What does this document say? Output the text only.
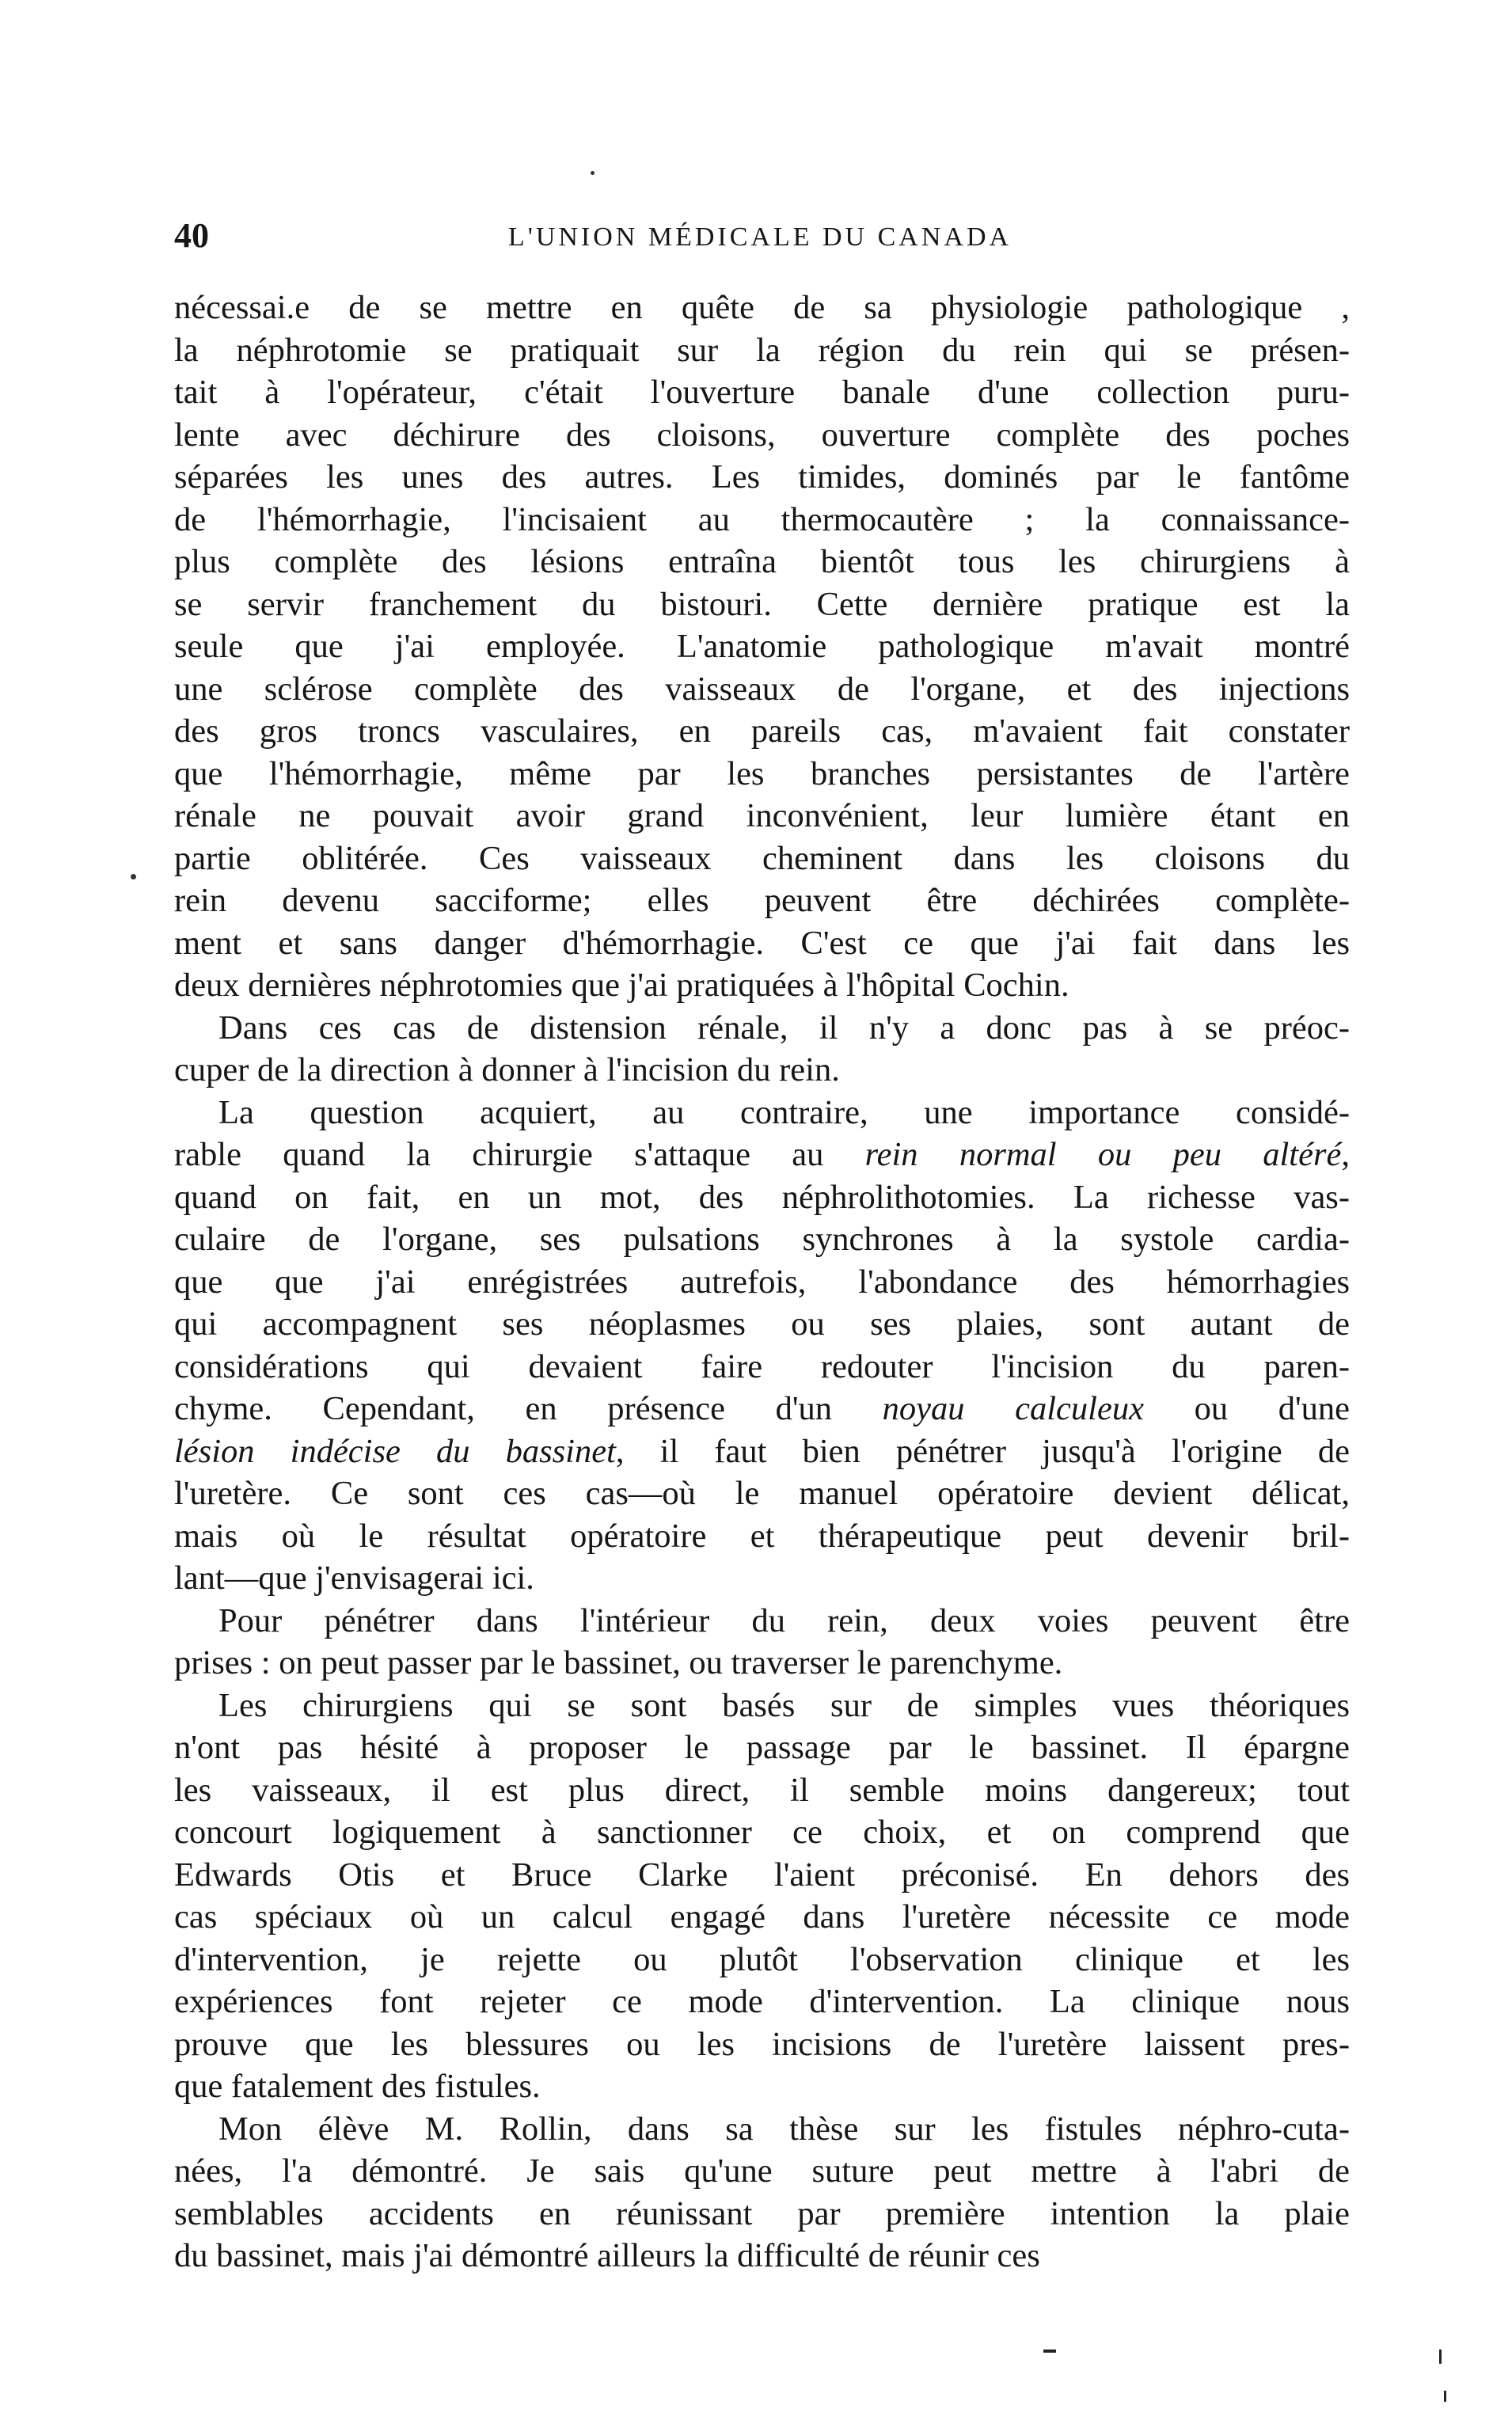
40	L'UNION MÉDICALE DU CANADA
nécessai.e de se mettre en quête de sa physiologie pathologique ,
la néphrotomie se pratiquait sur la région du rein qui se présen-
tait à l'opérateur, c'était l'ouverture banale d'une collection puru-
lente avec déchirure des cloisons, ouverture complète des poches
séparées les unes des autres. Les timides, dominés par le fantôme
de l'hémorrhagie, l'incisaient au thermocautère ; la connaissance-
plus complète des lésions entraîna bientôt tous les chirurgiens à
se servir franchement du bistouri. Cette dernière pratique est la
seule que j'ai employée. L'anatomie pathologique m'avait montré
une sclérose complète des vaisseaux de l'organe, et des injections
des gros troncs vasculaires, en pareils cas, m'avaient fait constater
que l'hémorrhagie, même par les branches persistantes de l'artère
rénale ne pouvait avoir grand inconvénient, leur lumière étant en
partie oblitérée. Ces vaisseaux cheminent dans les cloisons du
rein devenu sacciforme; elles peuvent être déchirées complète-
ment et sans danger d'hémorrhagie. C'est ce que j'ai fait dans les
deux dernières néphrotomies que j'ai pratiquées à l'hôpital Cochin.
Dans ces cas de distension rénale, il n'y a donc pas à se préoc-
cuper de la direction à donner à l'incision du rein.
La question acquiert, au contraire, une importance considé-
rable quand la chirurgie s'attaque au rein normal ou peu altéré,
quand on fait, en un mot, des néphrolithotomies. La richesse vas-
culaire de l'organe, ses pulsations synchrones à la systole cardia-
que que j'ai enrégistrées autrefois, l'abondance des hémorrhagies
qui accompagnent ses néoplasmes ou ses plaies, sont autant de
considérations qui devaient faire redouter l'incision du paren-
chyme. Cependant, en présence d'un noyau calculeux ou d'une
lésion indécise du bassinet, il faut bien pénétrer jusqu'à l'origine de
l'uretère. Ce sont ces cas—où le manuel opératoire devient délicat,
mais où le résultat opératoire et thérapeutique peut devenir bril-
lant—que j'envisagerai ici.
Pour pénétrer dans l'intérieur du rein, deux voies peuvent être
prises : on peut passer par le bassinet, ou traverser le parenchyme.
Les chirurgiens qui se sont basés sur de simples vues théoriques
n'ont pas hésité à proposer le passage par le bassinet. Il épargne
les vaisseaux, il est plus direct, il semble moins dangereux; tout
concourt logiquement à sanctionner ce choix, et on comprend que
Edwards Otis et Bruce Clarke l'aient préconisé. En dehors des
cas spéciaux où un calcul engagé dans l'uretère nécessite ce mode
d'intervention, je rejette ou plutôt l'observation clinique et les
expériences font rejeter ce mode d'intervention. La clinique nous
prouve que les blessures ou les incisions de l'uretère laissent pres-
que fatalement des fistules.
Mon élève M. Rollin, dans sa thèse sur les fistules néphro-cuta-
nées, l'a démontré. Je sais qu'une suture peut mettre à l'abri de
semblables accidents en réunissant par première intention la plaie
du bassinet, mais j'ai démontré ailleurs la difficulté de réunir ces
